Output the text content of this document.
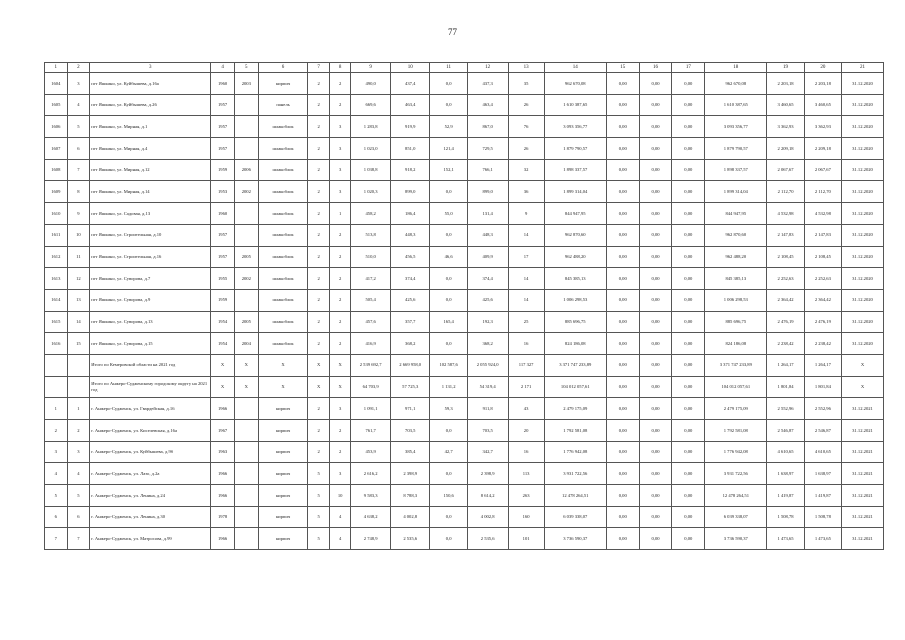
77
1	2	3	4	5	6	7	8	9	10	11	12	13	14	15	16	17	18	19	20	21
1604	3	пгт Яшкино, ул. Куйбышева, д.16а	1960	2003	кирпич	2	2	490,0	437,4	0,0	437,3	35	962 670,08	0,00	0,00	0,00	962 670,08	2 203,18	2 203,18	31.12.2020
1605	4	пгт Яшкино, ул. Куйбышева, д.26	1957		панель	2	2	669,6	463,4	0,0	463,4	26	1 610 387,65	0,00	0,00	0,00	1 610 387,65	3 460,65	3 460,65	31.12.2020
1606	5	пгт Яшкино, ул. Мирная, д.1	1957		шлакоблок	2	3	1 283,8	919,9	52,9	867,0	76	3 093 356,77	0,00	0,00	0,00	3 093 356,77	3 362,93	3 362,93	31.12.2020
1607	6	пгт Яшкино, ул. Мирная, д.4	1957		шлакоблок	2	3	1 023,0	851,0	121,4	729,5	26	1 879 790,57	0,00	0,00	0,00	1 879 790,57	2 209,18	2 209,18	31.12.2020
1608	7	пгт Яшкино, ул. Мирная, д.12	1959	2006	шлакоблок	2	3	1 038,8	918,2	152,1	766,1	32	1 898 337,57	0,00	0,00	0,00	1 898 337,57	2 067,67	2 067,67	31.12.2020
1609	8	пгт Яшкино, ул. Мирная, д.14	1953	2002	шлакоблок	2	3	1 020,3	899,0	0,0	899,0	36	1 899 314,04	0,00	0,00	0,00	1 899 314,04	2 112,70	2 112,70	31.12.2020
1610	9	пгт Яшкино, ул. Садовая, д.13	1960		шлакоблок	2	1	458,2	186,4	55,0	131,4	9	844 947,95	0,00	0,00	0,00	844 947,95	4 532,98	4 532,98	31.12.2020
1611	10	пгт Яшкино, ул. Строительная, д.10	1957		шлакоблок	2	2	513,8	448,3	0,0	448,3	14	962 870,60	0,00	0,00	0,00	962 870,60	2 147,83	2 147,83	31.12.2020
1612	11	пгт Яшкино, ул. Строительная, д.16	1957	2005	шлакоблок	2	2	510,0	456,5	46,6	409,9	17	962 488,20	0,00	0,00	0,00	962 488,20	2 108,45	2 108,45	31.12.2020
1613	12	пгт Яшкино, ул. Суворова, д.7	1955	2002	шлакоблок	2	2	417,2	374,4	0,0	374,4	14	845 385,13	0,00	0,00	0,00	845 385,13	2 252,63	2 252,63	31.12.2020
1614	13	пгт Яшкино, ул. Суворова, д.9	1959		шлакоблок	2	2	505,4	425,6	0,0	425,6	14	1 006 298,53	0,00	0,00	0,00	1 006 298,53	2 364,42	2 364,42	31.12.2020
1615	14	пгт Яшкино, ул. Суворова, д.13	1954	2005	шлакоблок	2	2	457,6	357,7	165,4	192,3	25	885 696,75	0,00	0,00	0,00	885 696,75	2 476,19	2 476,19	31.12.2020
1616	15	пгт Яшкино, ул. Суворова, д.15	1954	2004	шлакоблок	2	2	416,9	368,2	0,0	368,2	16	824 186,08	0,00	0,00	0,00	824 186,08	2 238,42	2 238,42	31.12.2020
		Итого по Кемеровской области на 2021 год	X	X	X	X	X	2 539 692,7	2 669 958,0	102 587,6	2 055 924,0	117 327	3 371 747 233,89	0,00	0,00	0,00	3 371 747 233,89	1 264,17	1 264,17	X
		Итого по Анжеро-Судженскому городскому округу на 2021 год	X	X	X	X	X	64 703,9	57 725,3	1 131,2	54 319,4	2 171	104 012 057,61	0,00	0,00	0,00	104 012 057,61	1 801,84	1 801,84	X
1	1	г. Анжеро-Судженск, ул. Гвардейская, д.16	1966		кирпич	2	3	1 091,1	971,1	59,3	911,8	43	2 479 175,09	0,00	0,00	0,00	2 479 175,09	2 552,96	2 552,96	31.12.2021
2	2	г. Анжеро-Судженск, ул. Киселевская, д.16а	1967		кирпич	2	2	761,7	703,5	0,0	703,5	20	1 792 581,08	0,00	0,00	0,00	1 792 581,08	2 546,87	2 546,87	31.12.2021
3	3	г. Анжеро-Судженск, ул. Куйбышева, д.9б	1963		кирпич	2	2	453,9	385,4	42,7	342,7	16	1 776 942,08	0,00	0,00	0,00	1 776 942,08	4 610,65	4 610,65	31.12.2021
4	4	г. Анжеро-Судженск, ул. Лазо, д.2а	1966		кирпич	5	3	2 616,2	2 398,9	0,0	2 398,9	113	3 931 722,56	0,00	0,00	0,00	3 931 722,56	1 638,97	1 638,97	31.12.2021
5	5	г. Анжеро-Судженск, ул. Ленина, д.24	1966		кирпич	5	10	9 583,3	8 788,3	150,6	8 614,2	263	12 478 264,51	0,00	0,00	0,00	12 478 264,51	1 419,87	1 419,87	31.12.2021
6	6	г. Анжеро-Судженск, ул. Ленина, д.30	1978		кирпич	5	4	4 638,2	4 002,8	0,0	4 002,8	160	6 039 338,07	0,00	0,00	0,00	6 039 338,07	1 508,78	1 508,78	31.12.2021
7	7	г. Анжеро-Судженск, ул. Матросова, д.99	1966		кирпич	5	4	2 748,9	2 535,6	0,0	2 535,6	101	3 736 590,37	0,00	0,00	0,00	3 736 590,37	1 473,65	1 473,65	31.12.2021
